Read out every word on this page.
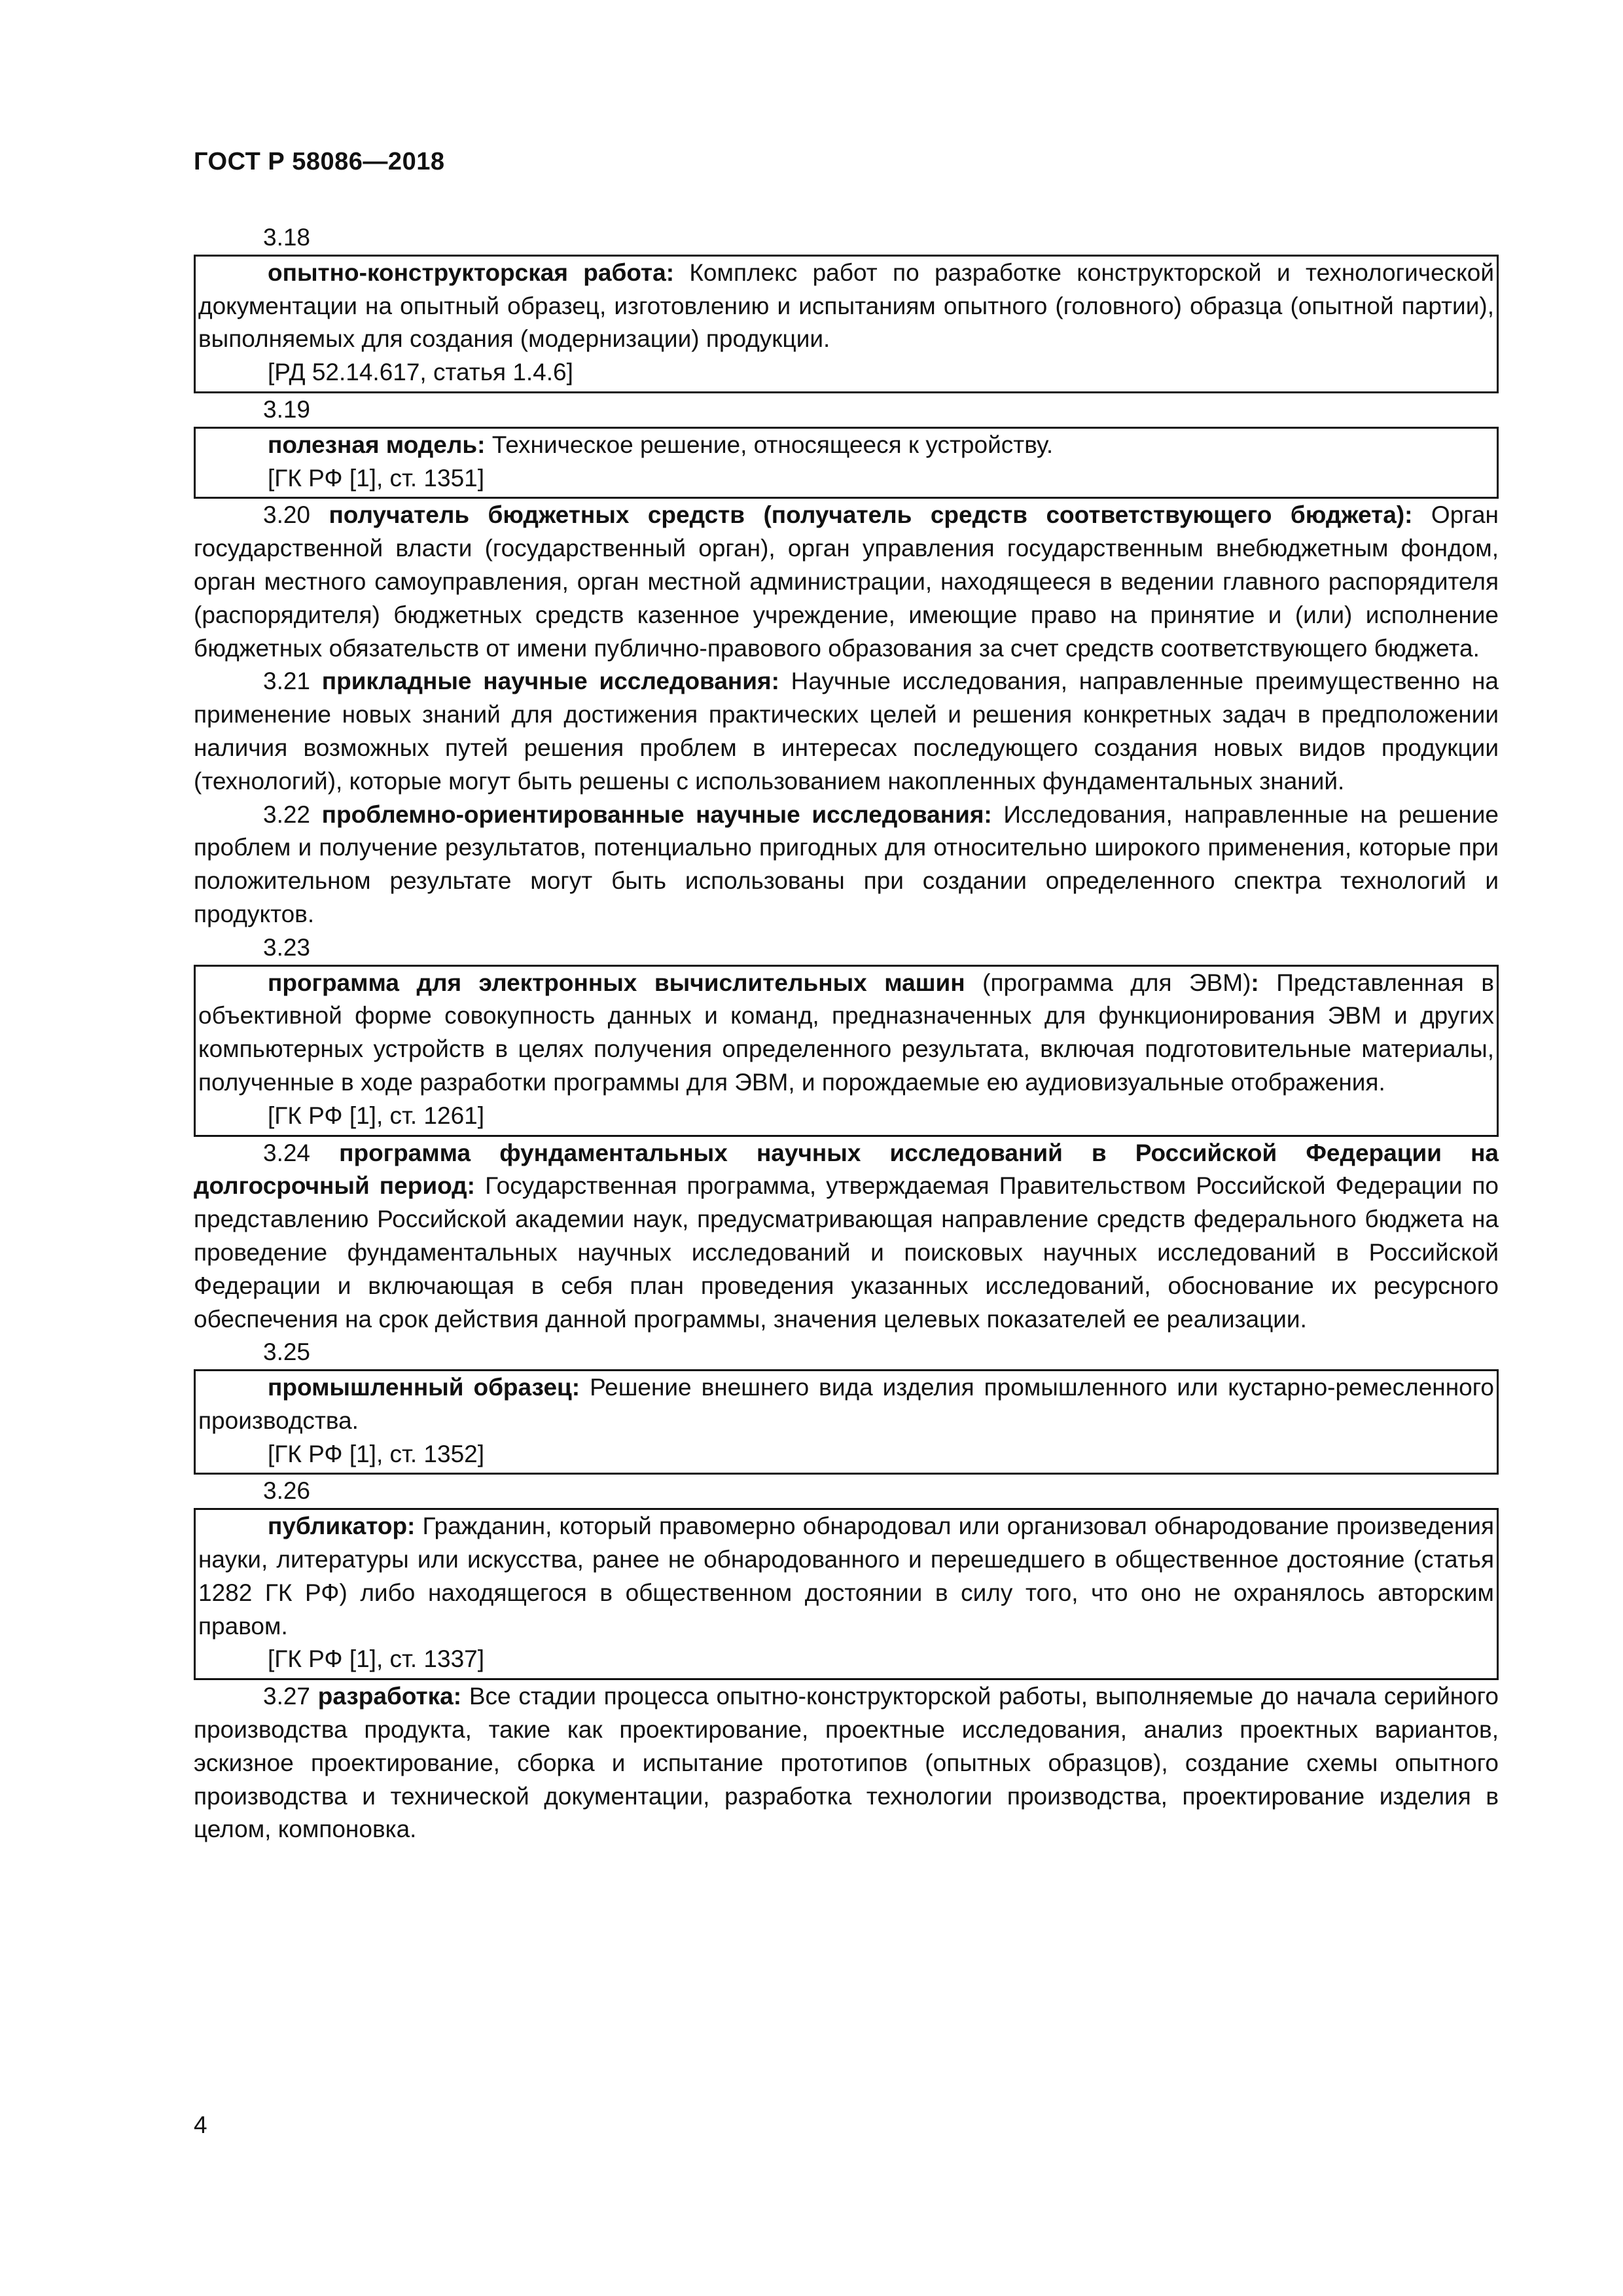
ГОСТ Р 58086—2018

3.18

опытно-конструкторская работа: Комплекс работ по разработке конструкторской и технологической документации на опытный образец, изготовлению и испытаниям опытного (головного) образца (опытной партии), выполняемых для создания (модернизации) продукции.

[РД 52.14.617, статья 1.4.6]

3.19

полезная модель: Техническое решение, относящееся к устройству.

[ГК РФ [1], ст. 1351]

3.20 получатель бюджетных средств (получатель средств соответствующего бюджета): Орган государственной власти (государственный орган), орган управления государственным внебюджетным фондом, орган местного самоуправления, орган местной администрации, находящееся в ведении главного распорядителя (распорядителя) бюджетных средств казенное учреждение, имеющие право на принятие и (или) исполнение бюджетных обязательств от имени публично-правового образования за счет средств соответствующего бюджета.

3.21 прикладные научные исследования: Научные исследования, направленные преимущественно на применение новых знаний для достижения практических целей и решения конкретных задач в предположении наличия возможных путей решения проблем в интересах последующего создания новых видов продукции (технологий), которые могут быть решены с использованием накопленных фундаментальных знаний.

3.22 проблемно-ориентированные научные исследования: Исследования, направленные на решение проблем и получение результатов, потенциально пригодных для относительно широкого применения, которые при положительном результате могут быть использованы при создании определенного спектра технологий и продуктов.

3.23

программа для электронных вычислительных машин (программа для ЭВМ): Представленная в объективной форме совокупность данных и команд, предназначенных для функционирования ЭВМ и других компьютерных устройств в целях получения определенного результата, включая подготовительные материалы, полученные в ходе разработки программы для ЭВМ, и порождаемые ею аудиовизуальные отображения.

[ГК РФ [1], ст. 1261]

3.24 программа фундаментальных научных исследований в Российской Федерации на долгосрочный период: Государственная программа, утверждаемая Правительством Российской Федерации по представлению Российской академии наук, предусматривающая направление средств федерального бюджета на проведение фундаментальных научных исследований и поисковых научных исследований в Российской Федерации и включающая в себя план проведения указанных исследований, обоснование их ресурсного обеспечения на срок действия данной программы, значения целевых показателей ее реализации.

3.25

промышленный образец: Решение внешнего вида изделия промышленного или кустарно-ремесленного производства.

[ГК РФ [1], ст. 1352]

3.26

публикатор: Гражданин, который правомерно обнародовал или организовал обнародование произведения науки, литературы или искусства, ранее не обнародованного и перешедшего в общественное достояние (статья 1282 ГК РФ) либо находящегося в общественном достоянии в силу того, что оно не охранялось авторским правом.

[ГК РФ [1], ст. 1337]

3.27 разработка: Все стадии процесса опытно-конструкторской работы, выполняемые до начала серийного производства продукта, такие как проектирование, проектные исследования, анализ проектных вариантов, эскизное проектирование, сборка и испытание прототипов (опытных образцов), создание схемы опытного производства и технической документации, разработка технологии производства, проектирование изделия в целом, компоновка.

4
